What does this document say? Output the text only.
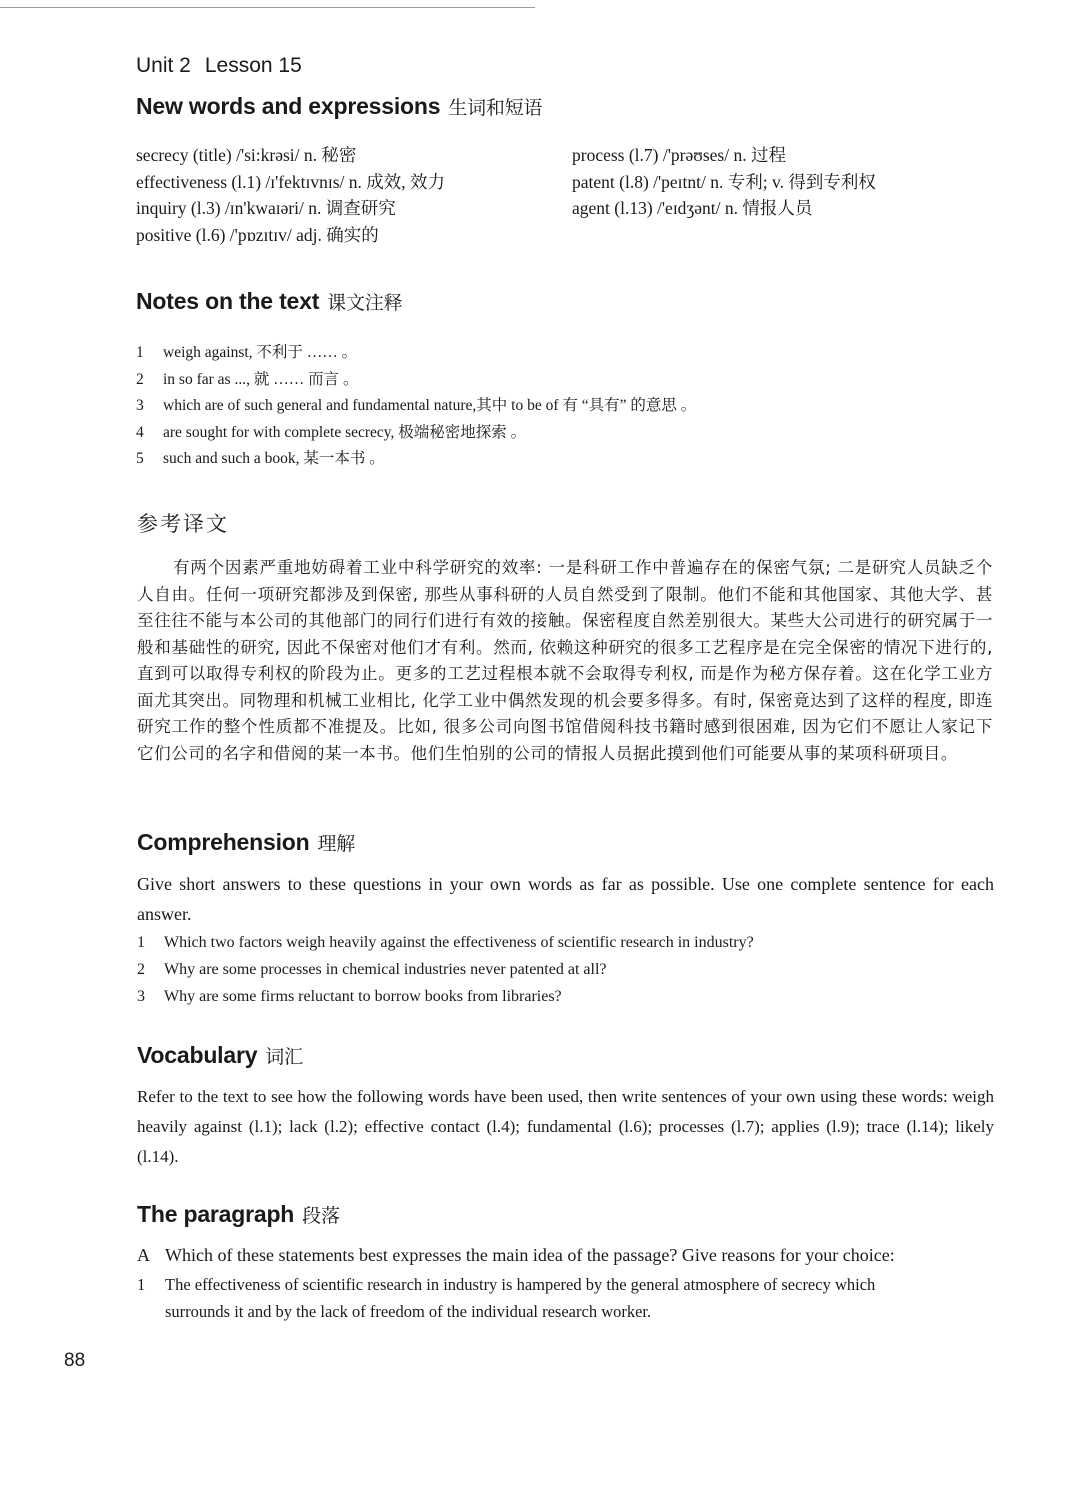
Unit 2 Lesson 15
New words and expressions 生词和短语
secrecy (title) /'si:krəsi/ n. 秘密
effectiveness (l.1) /ɪ'fektɪvnɪs/ n. 成效, 效力
inquiry (l.3) /ɪn'kwaɪəri/ n. 调查研究
positive (l.6) /'pɒzɪtɪv/ adj. 确实的
process (l.7) /'prəʊses/ n. 过程
patent (l.8) /'peɪtnt/ n. 专利; v. 得到专利权
agent (l.13) /'eɪdʒənt/ n. 情报人员
Notes on the text 课文注释
1 weigh against, 不利于 …… 。
2 in so far as ..., 就 …… 而言 。
3 which are of such general and fundamental nature,其中 to be of 有 “具有” 的意思 。
4 are sought for with complete secrecy, 极端秘密地探索 。
5 such and such a book, 某一本书 。
参考译文

有两个因素严重地妨碍着工业中科学研究的效率: 一是科研工作中普遍存在的保密气氛; 二是研究人员缺乏个人自由。任何一项研究都涉及到保密, 那些从事科研的人员自然受到了限制。他们不能和其他国家、其他大学、甚至往往不能与本公司的其他部门的同行们进行有效的接触。保密程度自然差别很大。某些大公司进行的研究属于一般和基础性的研究, 因此不保密对他们才有利。然而, 依赖这种研究的很多工艺程序是在完全保密的情况下进行的, 直到可以取得专利权的阶段为止。更多的工艺过程根本就不会取得专利权, 而是作为秘方保存着。这在化学工业方面尤其突出。同物理和机械工业相比, 化学工业中偶然发现的机会要多得多。有时, 保密竟达到了这样的程度, 即连研究工作的整个性质都不准提及。比如, 很多公司向图书馆借阅科技书籍时感到很困难, 因为它们不愿让人家记下它们公司的名字和借阅的某一本书。他们生怕别的公司的情报人员据此摸到他们可能要从事的某项科研项目。

Comprehension 理解

Give short answers to these questions in your own words as far as possible. Use one complete sentence for each answer.

1 Which two factors weigh heavily against the effectiveness of scientific research in industry?
2 Why are some processes in chemical industries never patented at all?
3 Why are some firms reluctant to borrow books from libraries?
Vocabulary 词汇

Refer to the text to see how the following words have been used, then write sentences of your own using these words: weigh heavily against (l.1); lack (l.2); effective contact (l.4); fundamental (l.6); processes (l.7); applies (l.9); trace (l.14); likely (l.14).

The paragraph 段落
A Which of these statements best expresses the main idea of the passage? Give reasons for your choice:
1 The effectiveness of scientific research in industry is hampered by the general atmosphere of secrecy which
surrounds it and by the lack of freedom of the individual research worker.
88
